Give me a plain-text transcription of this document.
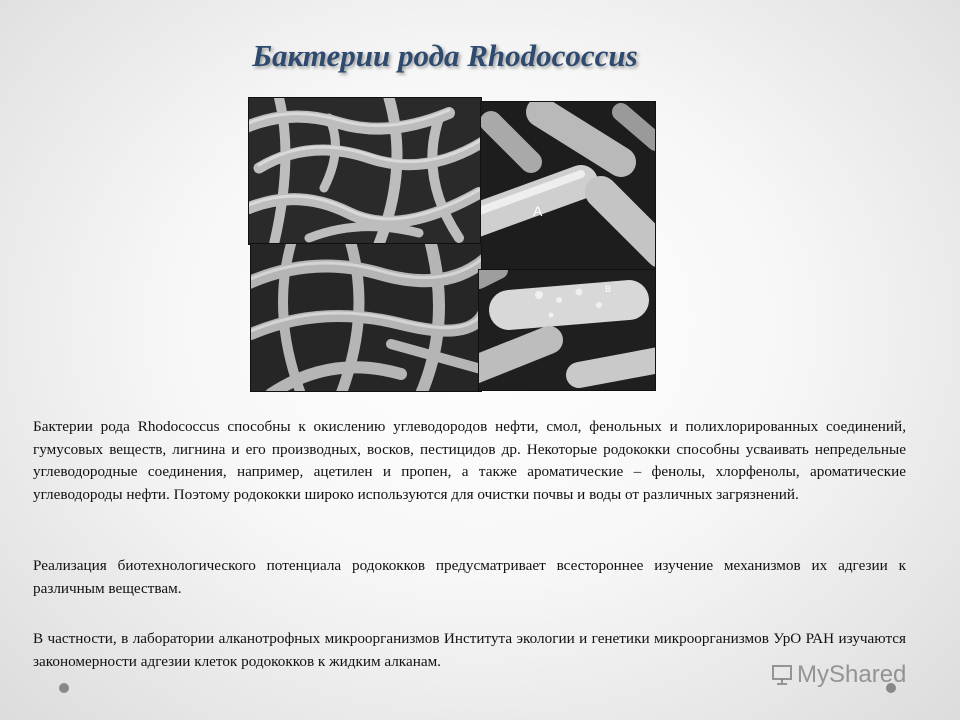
Бактерии рода Rhodococcus
A
B
Бактерии рода Rhodococcus способны к окислению углеводородов нефти, смол, фенольных и полихлорированных соединений, гумусовых веществ, лигнина и его производных, восков, пестицидов др. Некоторые родококки способны усваивать непредельные углеводородные соединения, например, ацетилен и пропен, а также ароматические – фенолы, хлорфенолы, ароматические углеводороды нефти. Поэтому родококки широко используются для очистки почвы и воды от различных загрязнений.
Реализация биотехнологического потенциала родококков предусматривает всестороннее изучение механизмов их адгезии к различным веществам.
В частности, в лаборатории алканотрофных микроорганизмов Института экологии и генетики микроорганизмов УрО РАН изучаются закономерности адгезии клеток родококков к жидким алканам.	MyShared
